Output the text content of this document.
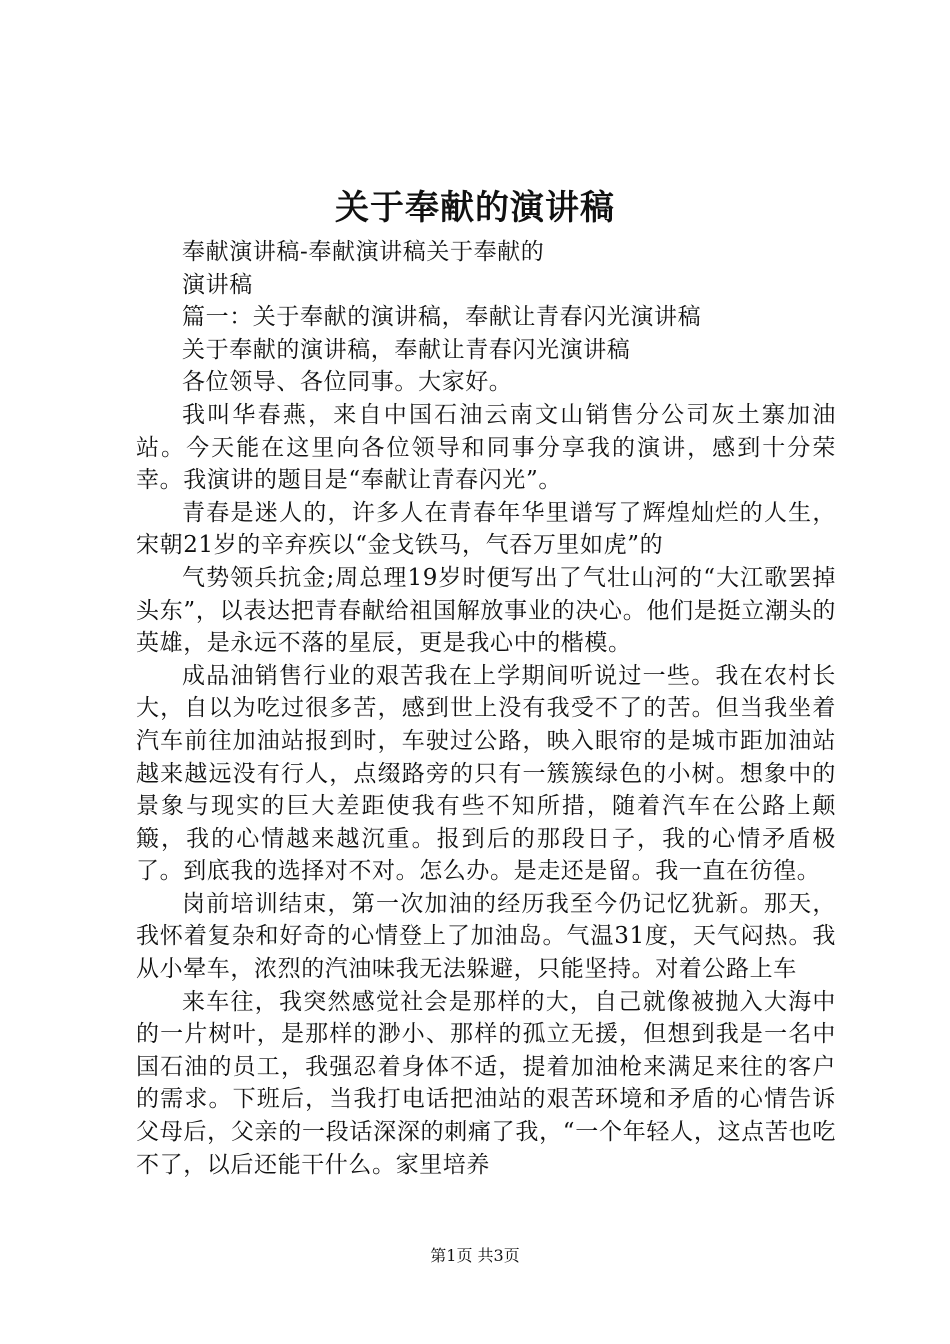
关于奉献的演讲稿

奉献演讲稿-奉献演讲稿关于奉献的

演讲稿

篇一：关于奉献的演讲稿，奉献让青春闪光演讲稿

关于奉献的演讲稿，奉献让青春闪光演讲稿

各位领导、各位同事。大家好。

我叫华春燕，来自中国石油云南文山销售分公司灰土寨加油站。今天能在这里向各位领导和同事分享我的演讲，感到十分荣幸。我演讲的题目是“奉献让青春闪光”。

青春是迷人的，许多人在青春年华里谱写了辉煌灿烂的人生，宋朝21岁的辛弃疾以“金戈铁马，气吞万里如虎”的

气势领兵抗金;周总理19岁时便写出了气壮山河的“大江歌罢掉头东”，以表达把青春献给祖国解放事业的决心。他们是挺立潮头的英雄，是永远不落的星辰，更是我心中的楷模。

成品油销售行业的艰苦我在上学期间听说过一些。我在农村长大，自以为吃过很多苦，感到世上没有我受不了的苦。但当我坐着汽车前往加油站报到时，车驶过公路，映入眼帘的是城市距加油站越来越远没有行人，点缀路旁的只有一簇簇绿色的小树。想象中的景象与现实的巨大差距使我有些不知所措，随着汽车在公路上颠簸，我的心情越来越沉重。报到后的那段日子，我的心情矛盾极了。到底我的选择对不对。怎么办。是走还是留。我一直在彷徨。

岗前培训结束，第一次加油的经历我至今仍记忆犹新。那天，我怀着复杂和好奇的心情登上了加油岛。气温31度，天气闷热。我从小晕车，浓烈的汽油味我无法躲避，只能坚持。对着公路上车

来车往，我突然感觉社会是那样的大，自己就像被抛入大海中的一片树叶，是那样的渺小、那样的孤立无援，但想到我是一名中国石油的员工，我强忍着身体不适，提着加油枪来满足来往的客户的需求。下班后，当我打电话把油站的艰苦环境和矛盾的心情告诉父母后，父亲的一段话深深的刺痛了我，“一个年轻人，这点苦也吃不了，以后还能干什么。家里培养

第1页 共3页
